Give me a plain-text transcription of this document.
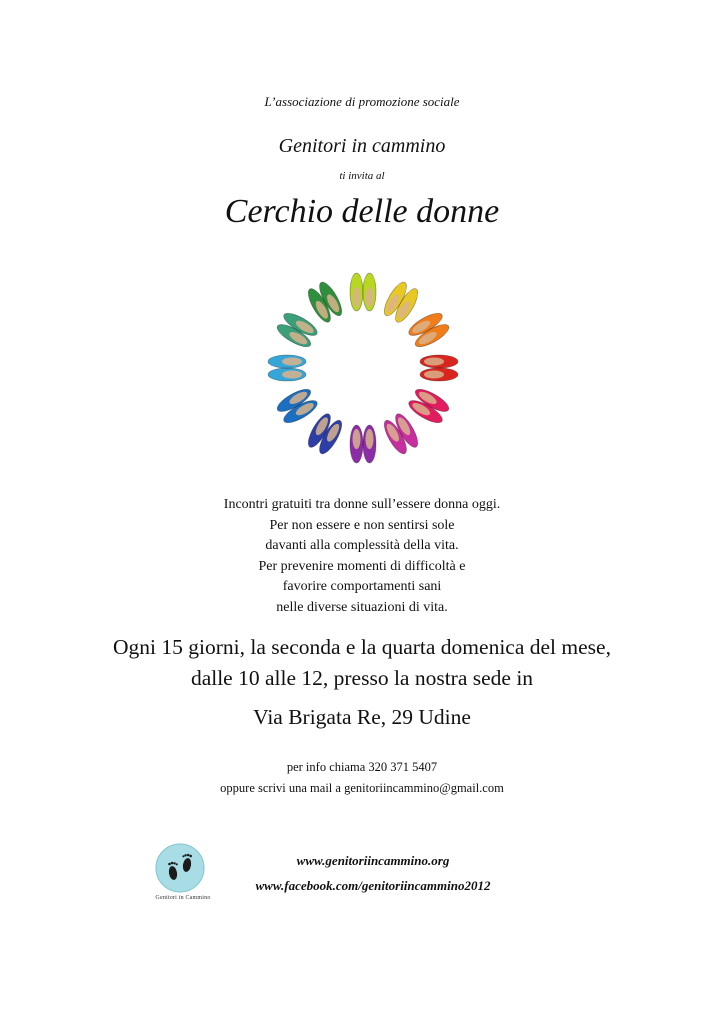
L’associazione di promozione sociale
Genitori in cammino
ti invita al
Cerchio delle donne
Incontri gratuiti tra donne sull’essere donna oggi.
Per non essere e non sentirsi sole
davanti alla complessità della vita.
Per prevenire momenti di difficoltà e
favorire comportamenti sani
nelle diverse situazioni di vita.
Ogni 15 giorni, la seconda e la quarta domenica del mese,
dalle 10 alle 12, presso la nostra sede in
Via Brigata Re, 29 Udine
per info chiama 320 371 5407
oppure scrivi una mail a genitoriincammino@gmail.com
Genitori in Cammino
www.genitoriincammino.org
www.facebook.com/genitoriincammino2012
